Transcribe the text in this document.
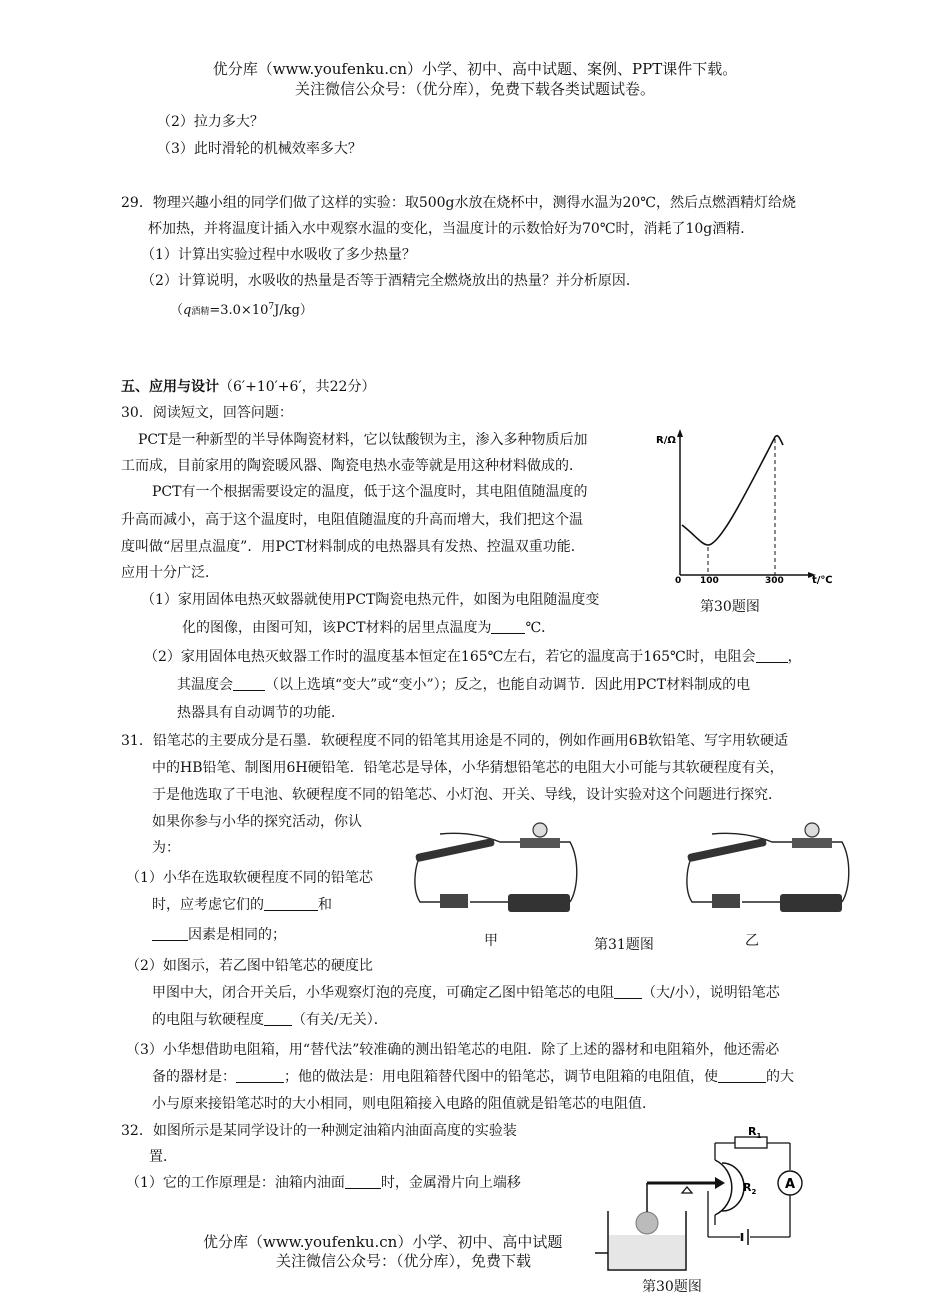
优分库（www.youfenku.cn）小学、初中、高中试题、案例、PPT课件下载。
关注微信公众号：（优分库），免费下载各类试题试卷。
（2）拉力多大？
（3）此时滑轮的机械效率多大？
29．物理兴趣小组的同学们做了这样的实验：取500g水放在烧杯中，测得水温为20℃，然后点燃酒精灯给烧
杯加热，并将温度计插入水中观察水温的变化，当温度计的示数恰好为70℃时，消耗了10g酒精．
（1）计算出实验过程中水吸收了多少热量？
（2）计算说明，水吸收的热量是否等于酒精完全燃烧放出的热量？并分析原因．
（q酒精$=3.0\times 10^7J/kg$）
五、应用与设计（6′+10′+6′，共22分）
30．阅读短文，回答问题：
PCT是一种新型的半导体陶瓷材料，它以钛酸钡为主，渗入多种物质后加
工而成，目前家用的陶瓷暖风器、陶瓷电热水壶等就是用这种材料做成的．
PCT有一个根据需要设定的温度，低于这个温度时，其电阻值随温度的
升高而减小，高于这个温度时，电阻值随温度的升高而增大，我们把这个温
度叫做“居里点温度”．用PCT材料制成的电热器具有发热、控温双重功能．
应用十分广泛．
（1）家用固体电热灭蚊器就使用PCT陶瓷电热元件，如图为电阻随温度变
化的图像，由图可知，该PCT材料的居里点温度为 ℃．
（2）家用固体电热灭蚊器工作时的温度基本恒定在165℃左右，若它的温度高于165℃时，电阻会 ，
其温度会 （以上选填“变大”或“变小”）；反之，也能自动调节．因此用PCT材料制成的电
热器具有自动调节的功能．
R/Ω
t/℃
0 100	300
第30题图
31．铅笔芯的主要成分是石墨．软硬程度不同的铅笔其用途是不同的，例如作画用6B软铅笔、写字用软硬适
中的HB铅笔、制图用6H硬铅笔．铅笔芯是导体，小华猜想铅笔芯的电阻大小可能与其软硬程度有关，
于是他选取了干电池、软硬程度不同的铅笔芯、小灯泡、开关、导线，设计实验对这个问题进行探究．
如果你参与小华的探究活动，你认
为：
（1）小华在选取软硬程度不同的铅笔芯
时，应考虑它们的	和
因素是相同的；
（2）如图示，若乙图中铅笔芯的硬度比
甲图中大，闭合开关后，小华观察灯泡的亮度，可确定乙图中铅笔芯的电阻 （大/小），说明铅笔芯
的电阻与软硬程度 （有关/无关）．
（3）小华想借助电阻箱，用“替代法”较准确的测出铅笔芯的电阻．除了上述的器材和电阻箱外，他还需必
备的器材是：	；他的做法是：用电阻箱替代图中的铅笔芯，调节电阻箱的电阻值，使	的大
小与原来接铅笔芯时的大小相同，则电阻箱接入电路的阻值就是铅笔芯的电阻值．
甲	第31题图	乙
32．如图所示是某同学设计的一种测定油箱内油面高度的实验装
置．
（1）它的工作原理是：油箱内油面	时，金属滑片向上端移
$R_1$
$R_2$ A
第30题图
优分库（www.youfenku.cn）小学、初中、高中试题
关注微信公众号：（优分库），免费下载
